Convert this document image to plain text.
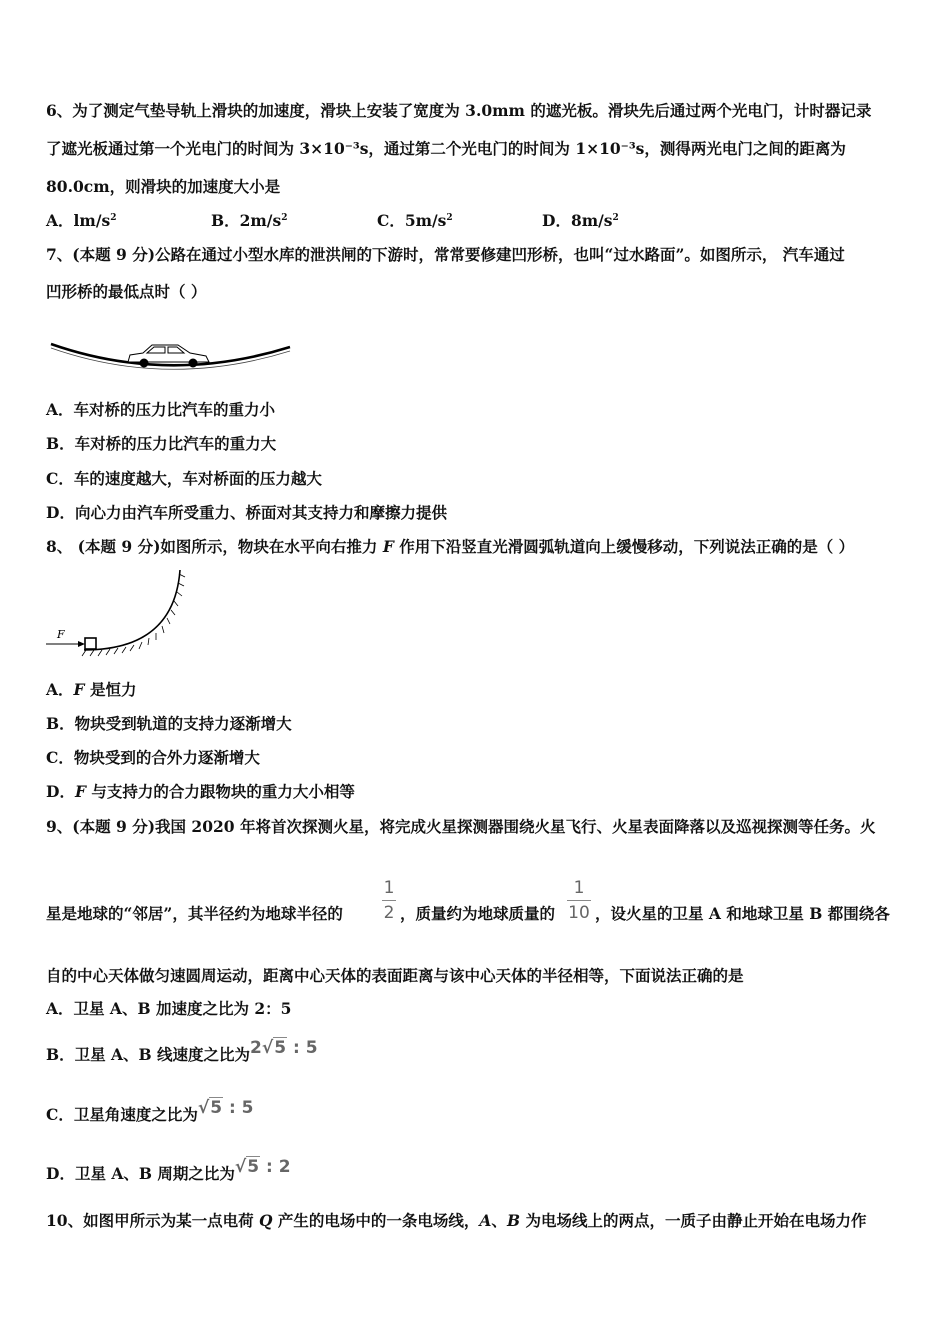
6、为了测定气垫导轨上滑块的加速度，滑块上安装了宽度为 3.0mm 的遮光板。滑块先后通过两个光电门，计时器记录
了遮光板通过第一个光电门的时间为 3×10⁻³s，通过第二个光电门的时间为 1×10⁻³s，测得两光电门之间的距离为
80.0cm，则滑块的加速度大小是
A．$lm/s^2$	B．$2m/s^2$	C．$5m/s^2$	D．$8m/s^2$
7、(本题 9 分)公路在通过小型水库的泄洪闸的下游时，常常要修建凹形桥，也叫“过水路面”。如图所示， 汽车通过
凹形桥的最低点时（ ）
A．车对桥的压力比汽车的重力小
B．车对桥的压力比汽车的重力大
C．车的速度越大，车对桥面的压力越大
D．向心力由汽车所受重力、桥面对其支持力和摩擦力提供
8、 (本题 9 分)如图所示，物块在水平向右推力 F 作用下沿竖直光滑圆弧轨道向上缓慢移动，下列说法正确的是（ ）
F
A．F 是恒力
B．物块受到轨道的支持力逐渐增大
C．物块受到的合外力逐渐增大
D．F 与支持力的合力跟物块的重力大小相等
9、(本题 9 分)我国 2020 年将首次探测火星，将完成火星探测器围绕火星飞行、火星表面降落以及巡视探测等任务。火
星是地球的“邻居”，其半径约为地球半径的
1
2 ，质量约为地球质量的
1
10 ，设火星的卫星 A 和地球卫星 B 都围绕各
自的中心天体做匀速圆周运动，距离中心天体的表面距离与该中心天体的半径相等，下面说法正确的是
A．卫星 A、B 加速度之比为 2：5
B．卫星 A、B 线速度之比为2√5 : 5
C．卫星角速度之比为√5 : 5
D．卫星 A、B 周期之比为√5 : 2
10、如图甲所示为某一点电荷 Q 产生的电场中的一条电场线，A、B 为电场线上的两点，一质子由静止开始在电场力作
